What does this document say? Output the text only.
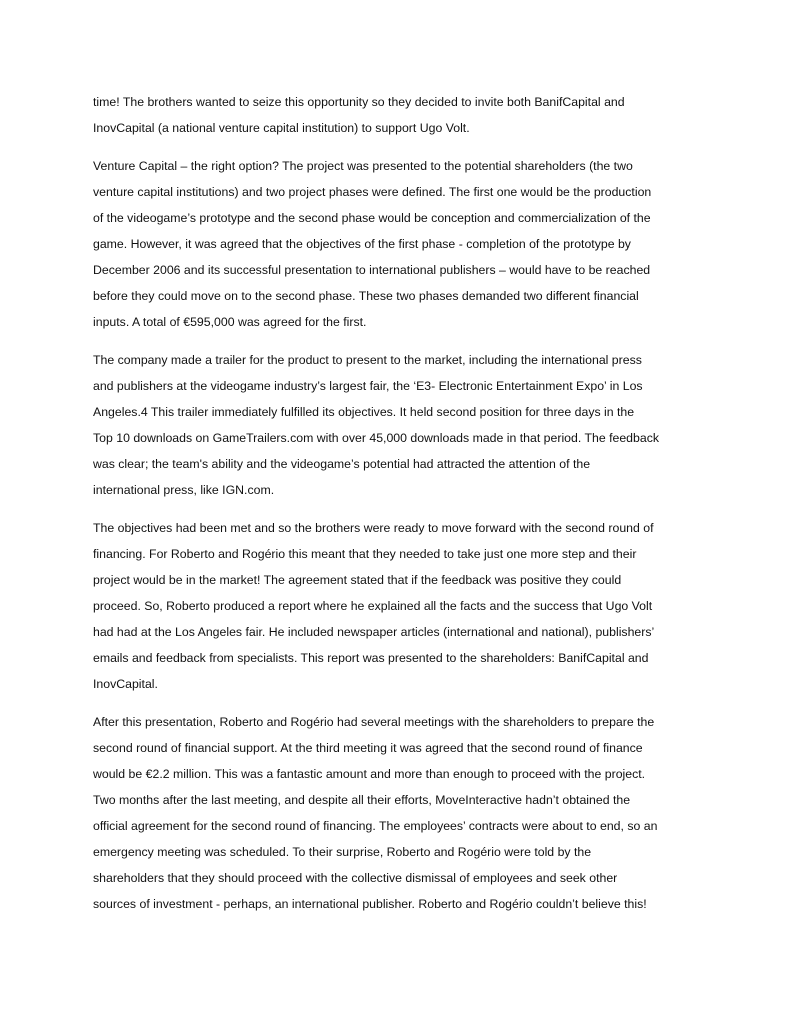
time! The brothers wanted to seize this opportunity so they decided to invite both BanifCapital and
InovCapital (a national venture capital institution) to support Ugo Volt.

Venture Capital – the right option? The project was presented to the potential shareholders (the two
venture capital institutions) and two project phases were defined. The first one would be the production
of the videogame’s prototype and the second phase would be conception and commercialization of the
game. However, it was agreed that the objectives of the first phase - completion of the prototype by
December 2006 and its successful presentation to international publishers – would have to be reached
before they could move on to the second phase. These two phases demanded two different financial
inputs. A total of €595,000 was agreed for the first.

The company made a trailer for the product to present to the market, including the international press
and publishers at the videogame industry’s largest fair, the ‘E3- Electronic Entertainment Expo’ in Los
Angeles.4 This trailer immediately fulfilled its objectives. It held second position for three days in the
Top 10 downloads on GameTrailers.com with over 45,000 downloads made in that period. The feedback
was clear; the team's ability and the videogame’s potential had attracted the attention of the
international press, like IGN.com.

The objectives had been met and so the brothers were ready to move forward with the second round of
financing. For Roberto and Rogério this meant that they needed to take just one more step and their
project would be in the market! The agreement stated that if the feedback was positive they could
proceed. So, Roberto produced a report where he explained all the facts and the success that Ugo Volt
had had at the Los Angeles fair. He included newspaper articles (international and national), publishers’
emails and feedback from specialists. This report was presented to the shareholders: BanifCapital and
InovCapital.

After this presentation, Roberto and Rogério had several meetings with the shareholders to prepare the
second round of financial support. At the third meeting it was agreed that the second round of finance
would be €2.2 million. This was a fantastic amount and more than enough to proceed with the project.
Two months after the last meeting, and despite all their efforts, MoveInteractive hadn’t obtained the
official agreement for the second round of financing. The employees’ contracts were about to end, so an
emergency meeting was scheduled. To their surprise, Roberto and Rogério were told by the
shareholders that they should proceed with the collective dismissal of employees and seek other
sources of investment - perhaps, an international publisher. Roberto and Rogério couldn’t believe this!
